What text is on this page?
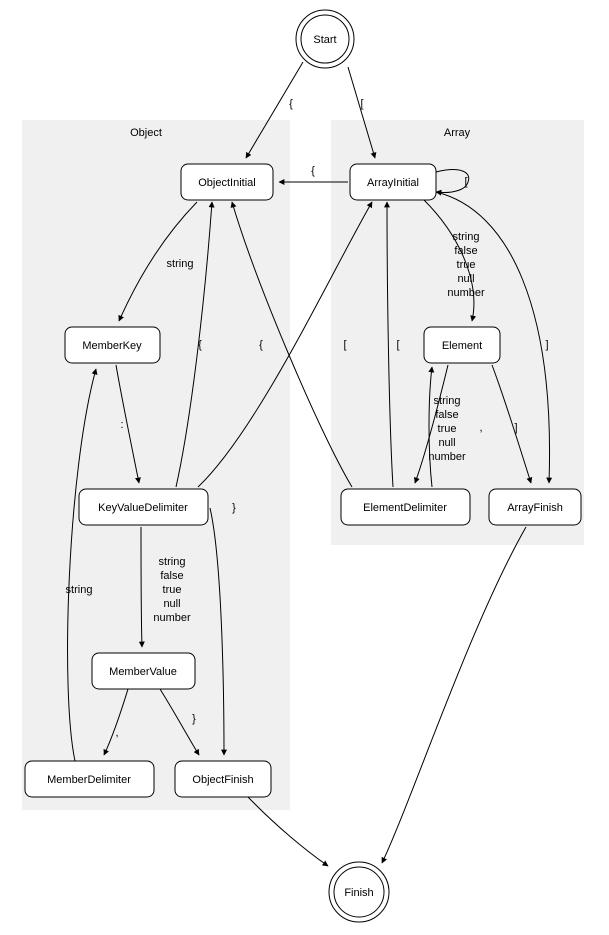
Object	Array
Start
Finish
ObjectInitial	ArrayInitial
MemberKey	Element
KeyValueDelimiter	ElementDelimiter	ArrayFinish
MemberValue
MemberDelimiter	ObjectFinish
{	[
{
[
string
:
{	[
}
,
}
string
,	]
[
{	]
string
false
true
null
number
string
false
true
null
number
string
false
true
null
number
